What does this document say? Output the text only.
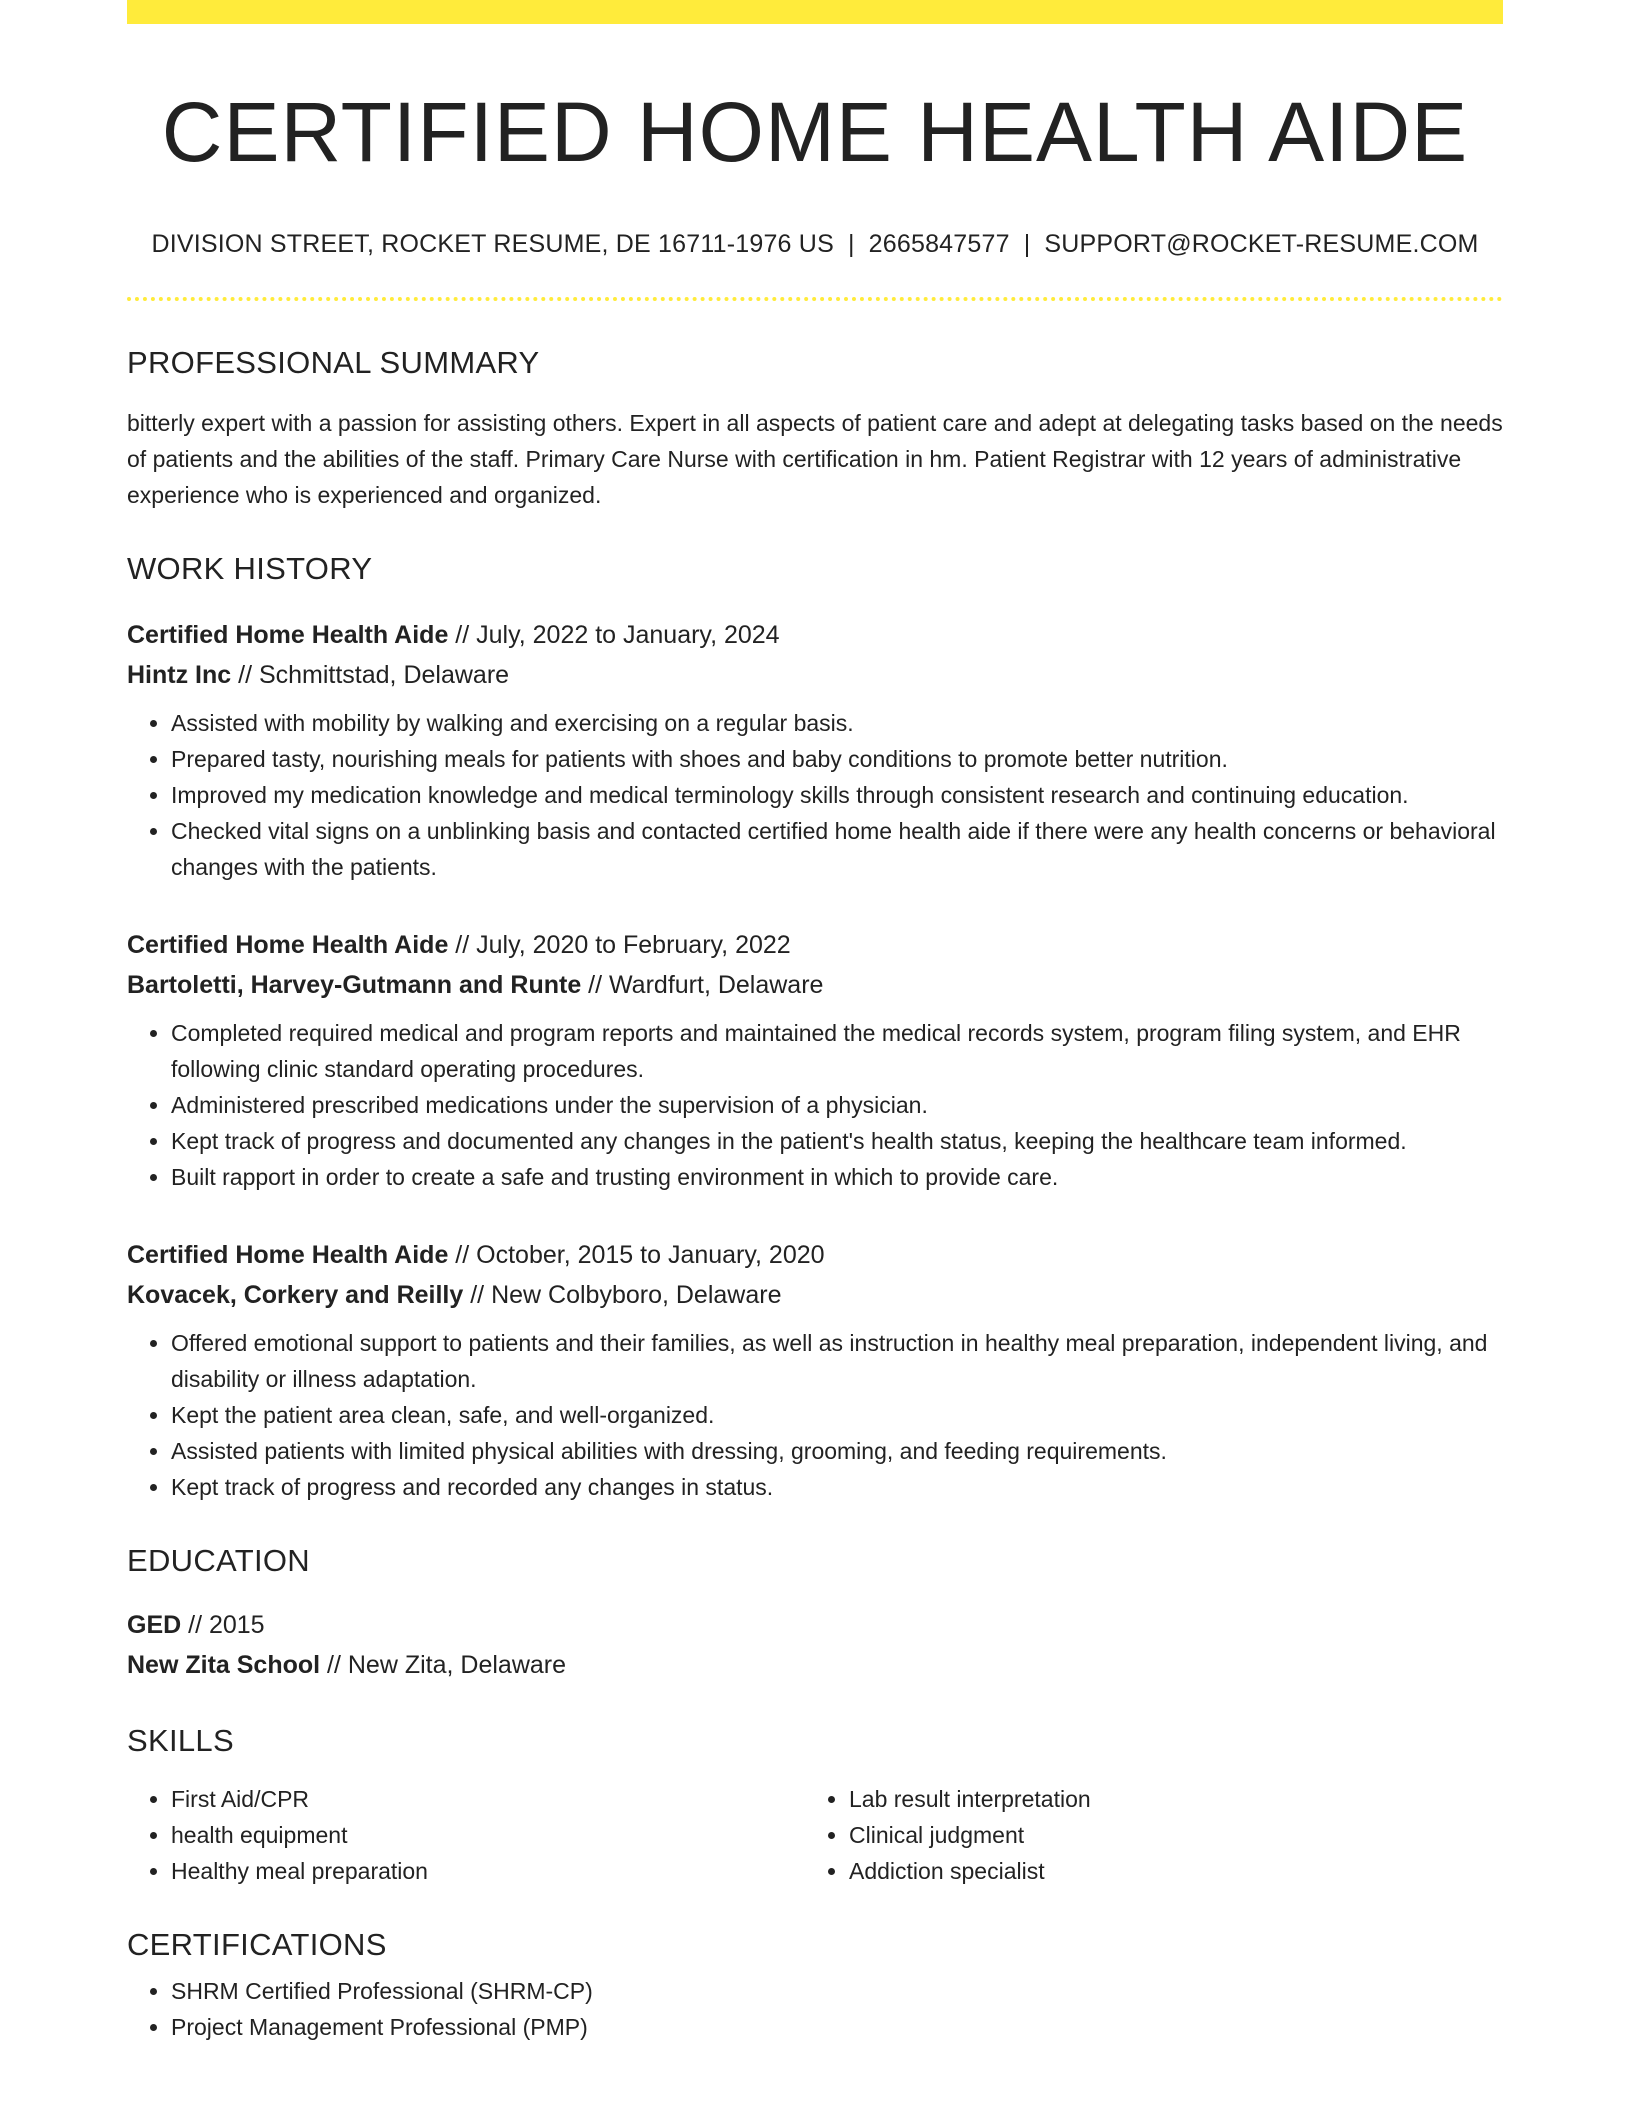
CERTIFIED HOME HEALTH AIDE
DIVISION STREET, ROCKET RESUME, DE 16711-1976 US | 2665847577 | SUPPORT@ROCKET-RESUME.COM
PROFESSIONAL SUMMARY

bitterly expert with a passion for assisting others. Expert in all aspects of patient care and adept at delegating tasks based on the needs of patients and the abilities of the staff. Primary Care Nurse with certification in hm. Patient Registrar with 12 years of administrative experience who is experienced and organized.

WORK HISTORY
Certified Home Health Aide // July, 2022 to January, 2024
Hintz Inc // Schmittstad, Delaware
• Assisted with mobility by walking and exercising on a regular basis.
• Prepared tasty, nourishing meals for patients with shoes and baby conditions to promote better nutrition.
• Improved my medication knowledge and medical terminology skills through consistent research and continuing education.
• Checked vital signs on a unblinking basis and contacted certified home health aide if there were any health concerns or behavioral changes with the patients.
Certified Home Health Aide // July, 2020 to February, 2022
Bartoletti, Harvey-Gutmann and Runte // Wardfurt, Delaware
• Completed required medical and program reports and maintained the medical records system, program filing system, and EHR following clinic standard operating procedures.
• Administered prescribed medications under the supervision of a physician.
• Kept track of progress and documented any changes in the patient's health status, keeping the healthcare team informed.
• Built rapport in order to create a safe and trusting environment in which to provide care.
Certified Home Health Aide // October, 2015 to January, 2020
Kovacek, Corkery and Reilly // New Colbyboro, Delaware
• Offered emotional support to patients and their families, as well as instruction in healthy meal preparation, independent living, and disability or illness adaptation.
• Kept the patient area clean, safe, and well-organized.
• Assisted patients with limited physical abilities with dressing, grooming, and feeding requirements.
• Kept track of progress and recorded any changes in status.
EDUCATION
GED // 2015
New Zita School // New Zita, Delaware
SKILLS
• First Aid/CPR
• health equipment
• Healthy meal preparation
• Lab result interpretation
• Clinical judgment
• Addiction specialist
CERTIFICATIONS
• SHRM Certified Professional (SHRM-CP)
• Project Management Professional (PMP)
